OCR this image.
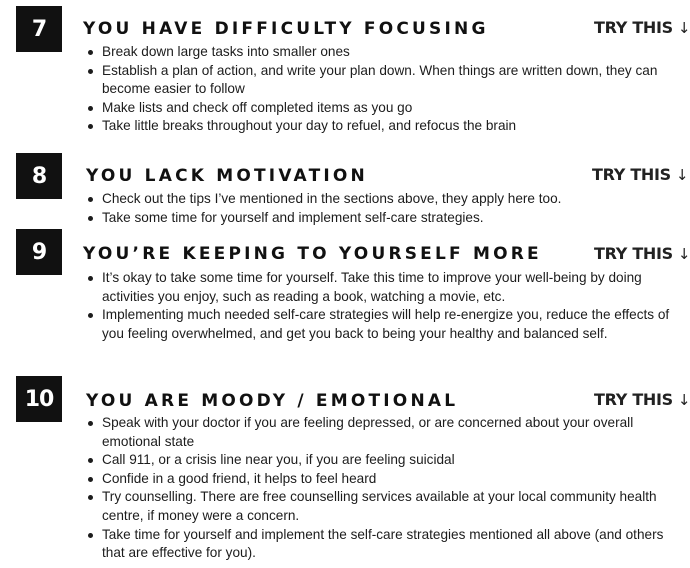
7	YOU HAVE DIFFICULTY FOCUSING	TRY THIS ↓
Break down large tasks into smaller ones
Establish a plan of action, and write your plan down. When things are written down, they can become easier to follow
Make lists and check off completed items as you go
Take little breaks throughout your day to refuel, and refocus the brain
8	YOU LACK MOTIVATION	TRY THIS ↓
Check out the tips I’ve mentioned in the sections above, they apply here too.
Take some time for yourself and implement self-care strategies.
9	YOU’RE KEEPING TO YOURSELF MORE	TRY THIS ↓
It’s okay to take some time for yourself. Take this time to improve your well-being by doing activities you enjoy, such as reading a book, watching a movie, etc.
Implementing much needed self-care strategies will help re-energize you, reduce the effects of you feeling overwhelmed, and get you back to being your healthy and balanced self.
10	YOU ARE MOODY / EMOTIONAL	TRY THIS ↓
Speak with your doctor if you are feeling depressed, or are concerned about your overall emotional state
Call 911, or a crisis line near you, if you are feeling suicidal
Confide in a good friend, it helps to feel heard
Try counselling. There are free counselling services available at your local community health centre, if money were a concern.
Take time for yourself and implement the self-care strategies mentioned all above (and others that are effective for you).
